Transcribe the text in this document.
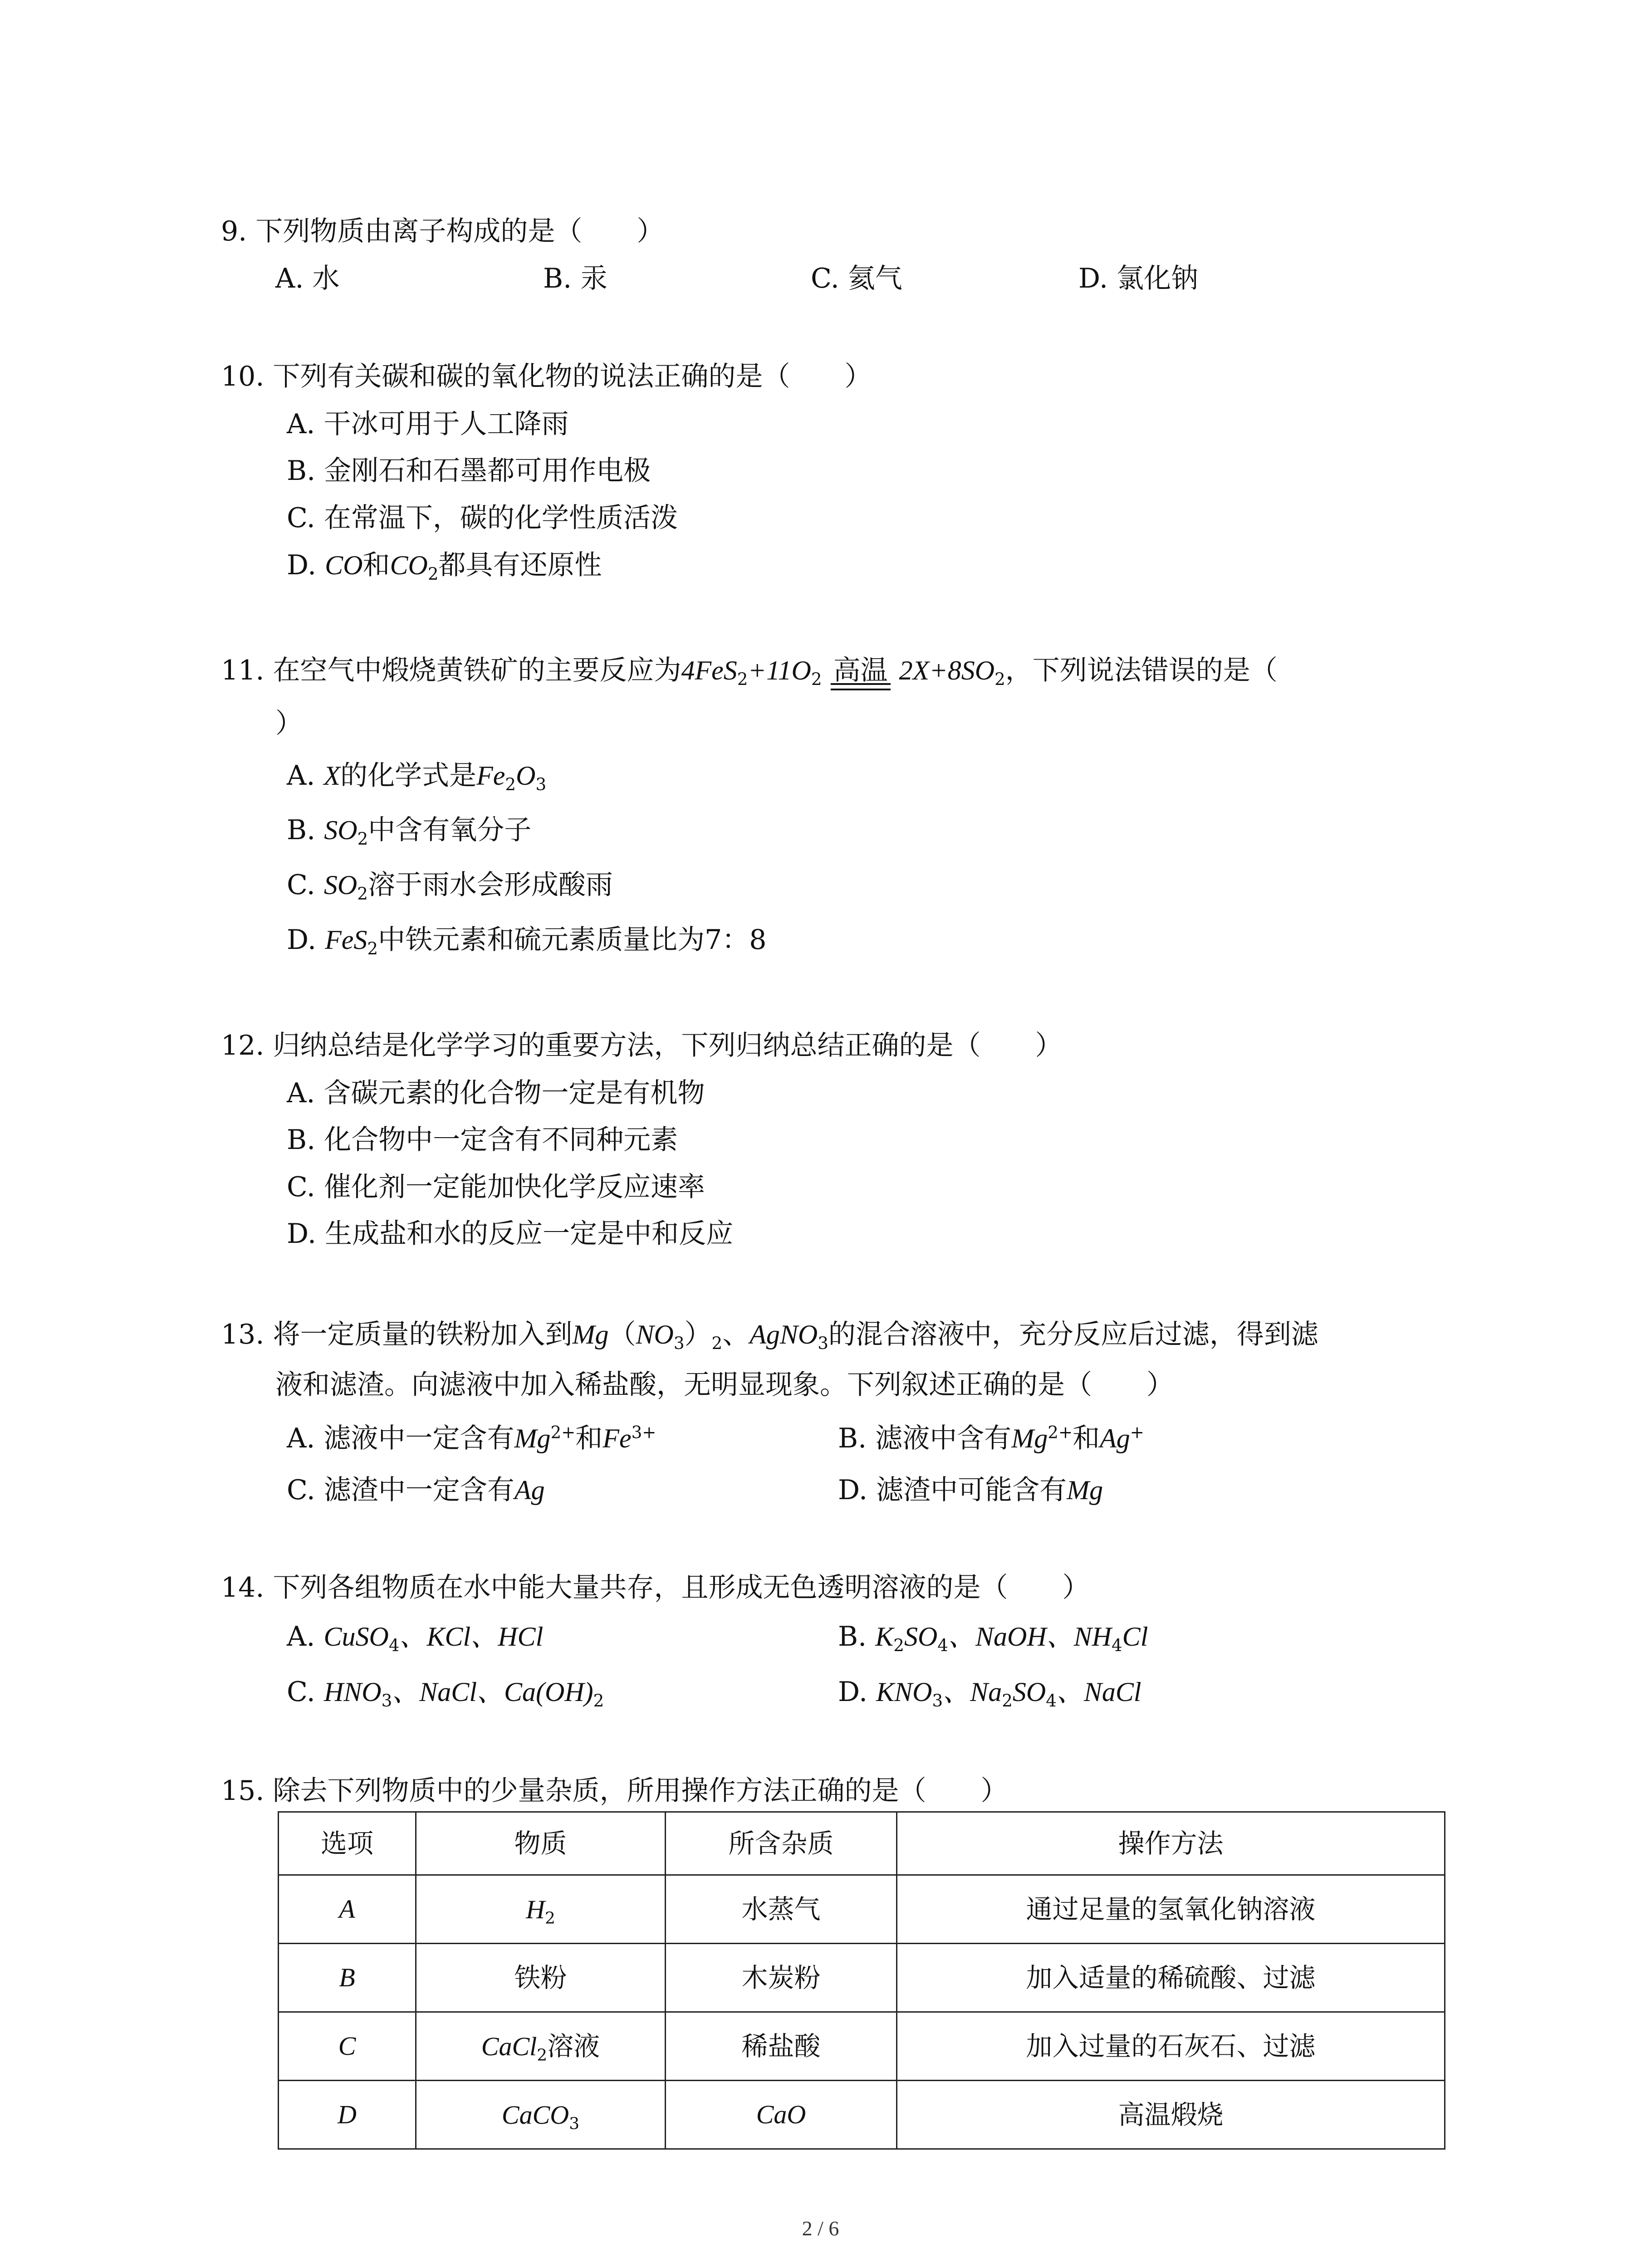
9. 下列物质由离子构成的是（　　）
A. 水	B. 汞	C. 氦气	D. 氯化钠
10. 下列有关碳和碳的氧化物的说法正确的是（　　）
A. 干冰可用于人工降雨
B. 金刚石和石墨都可用作电极
C. 在常温下，碳的化学性质活泼
D. CO和$CO_2$都具有还原性
11. 在空气中煅烧黄铁矿的主要反应为$4FeS_2+11O_2$ 高温 $2X+8SO_2$，下列说法错误的是（
）
A. X的化学式是$Fe_2O_3$
B. $SO_2$中含有氧分子
C. $SO_2$溶于雨水会形成酸雨
D. FeS$_2$中铁元素和硫元素质量比为7：8
12. 归纳总结是化学学习的重要方法，下列归纳总结正确的是（　　）
A. 含碳元素的化合物一定是有机物
B. 化合物中一定含有不同种元素
C. 催化剂一定能加快化学反应速率
D. 生成盐和水的反应一定是中和反应
13. 将一定质量的铁粉加入到$Mg(NO_3)_2$、AgNO$_3$的混合溶液中，充分反应后过滤，得到滤
液和滤渣。向滤液中加入稀盐酸，无明显现象。下列叙述正确的是（　　）
A. 滤液中一定含有$Mg^{2+}$和$Fe^{3+}$	B. 滤液中含有$Mg^{2+}$和Ag+
C. 滤渣中一定含有Ag	D. 滤渣中可能含有Mg
14. 下列各组物质在水中能大量共存，且形成无色透明溶液的是（　　）
A. CuSO$_4$、KCl、HCl	B. $K_2SO_4$、NaOH、$NH_4Cl$
C. $HNO_3$、NaCl、$Ca(OH)_2$	D. $KNO_3$、$Na_2SO_4$、NaCl
15. 除去下列物质中的少量杂质，所用操作方法正确的是（　　）
选项	物质	所含杂质	操作方法
A	$H_2$	水蒸气	通过足量的氢氧化钠溶液
B	铁粉	木炭粉	加入适量的稀硫酸、过滤
C	CaCl$_2$溶液	稀盐酸	加入过量的石灰石、过滤
D	CaCO$_3$	CaO	高温煅烧
2 / 6
